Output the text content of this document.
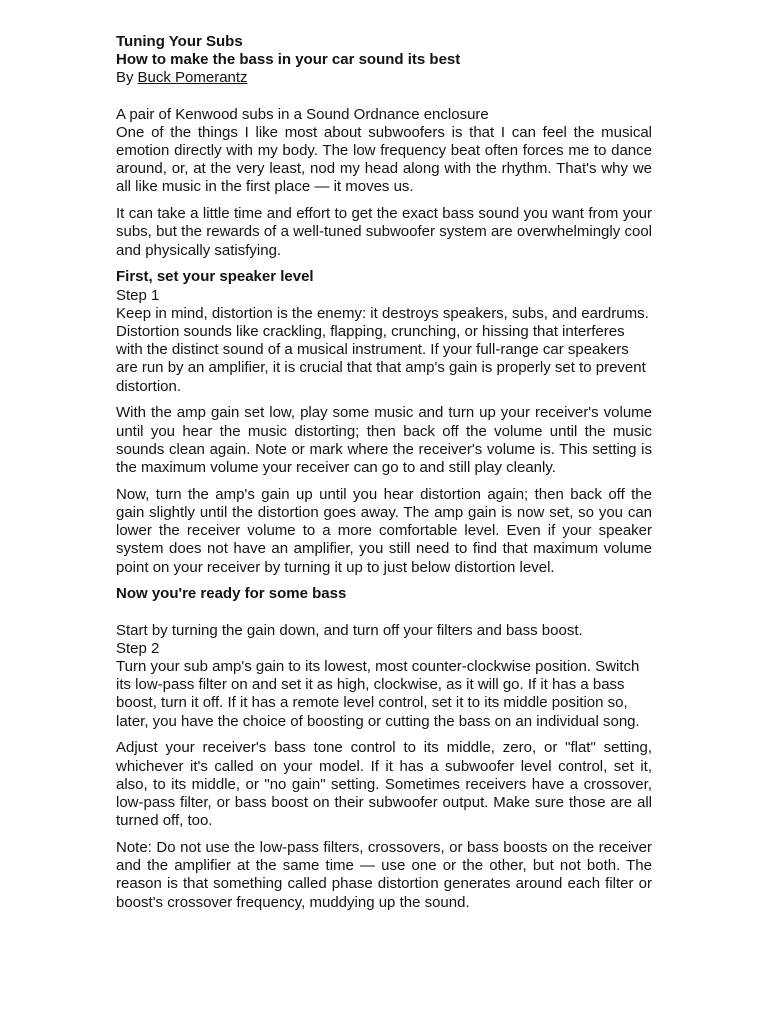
Tuning Your Subs

How to make the bass in your car sound its best

By Buck Pomerantz

A pair of Kenwood subs in a Sound Ordnance enclosure

One of the things I like most about subwoofers is that I can feel the musical emotion directly with my body. The low frequency beat often forces me to dance around, or, at the very least, nod my head along with the rhythm. That's why we all like music in the first place — it moves us.

It can take a little time and effort to get the exact bass sound you want from your subs, but the rewards of a well-tuned subwoofer system are overwhelmingly cool and physically satisfying.

First, set your speaker level

Step 1

Keep in mind, distortion is the enemy: it destroys speakers, subs, and eardrums. Distortion sounds like crackling, flapping, crunching, or hissing that interferes with the distinct sound of a musical instrument. If your full-range car speakers are run by an amplifier, it is crucial that that amp's gain is properly set to prevent distortion.

With the amp gain set low, play some music and turn up your receiver's volume until you hear the music distorting; then back off the volume until the music sounds clean again. Note or mark where the receiver's volume is. This setting is the maximum volume your receiver can go to and still play cleanly.

Now, turn the amp's gain up until you hear distortion again; then back off the gain slightly until the distortion goes away. The amp gain is now set, so you can lower the receiver volume to a more comfortable level. Even if your speaker system does not have an amplifier, you still need to find that maximum volume point on your receiver by turning it up to just below distortion level.

Now you're ready for some bass

Start by turning the gain down, and turn off your filters and bass boost.

Step 2

Turn your sub amp's gain to its lowest, most counter-clockwise position. Switch its low-pass filter on and set it as high, clockwise, as it will go. If it has a bass boost, turn it off. If it has a remote level control, set it to its middle position so, later, you have the choice of boosting or cutting the bass on an individual song.

Adjust your receiver's bass tone control to its middle, zero, or "flat" setting, whichever it's called on your model. If it has a subwoofer level control, set it, also, to its middle, or "no gain" setting. Sometimes receivers have a crossover, low-pass filter, or bass boost on their subwoofer output. Make sure those are all turned off, too.

Note: Do not use the low-pass filters, crossovers, or bass boosts on the receiver and the amplifier at the same time — use one or the other, but not both. The reason is that something called phase distortion generates around each filter or boost's crossover frequency, muddying up the sound.
